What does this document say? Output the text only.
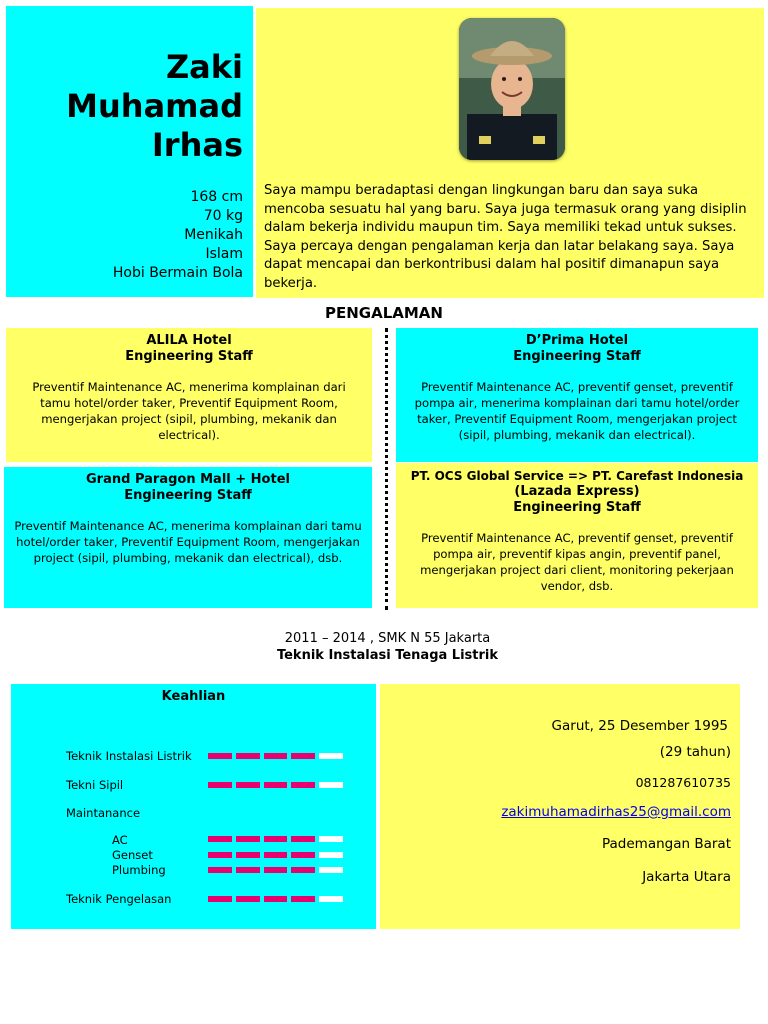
Zaki
Muhamad
Irhas
168 cm
70 kg
Menikah
Islam
Hobi Bermain Bola
Saya mampu beradaptasi dengan lingkungan baru dan saya suka mencoba sesuatu hal yang baru. Saya juga termasuk orang yang disiplin dalam bekerja individu maupun tim. Saya memiliki tekad untuk sukses. Saya percaya dengan pengalaman kerja dan latar belakang saya. Saya dapat mencapai dan berkontribusi dalam hal positif dimanapun saya bekerja.
PENGALAMAN
ALILA Hotel
Engineering Staff
Preventif Maintenance AC, menerima komplainan dari tamu hotel/order taker, Preventif Equipment Room, mengerjakan project (sipil, plumbing, mekanik dan electrical).
D’Prima Hotel
Engineering Staff
Preventif Maintenance AC, preventif genset, preventif pompa air, menerima komplainan dari tamu hotel/order taker, Preventif Equipment Room, mengerjakan project (sipil, plumbing, mekanik dan electrical).
Grand Paragon Mall + Hotel
Engineering Staff
Preventif Maintenance AC, menerima komplainan dari tamu hotel/order taker, Preventif Equipment Room, mengerjakan project (sipil, plumbing, mekanik dan electrical), dsb.
PT. OCS Global Service => PT. Carefast Indonesia
(Lazada Express)
Engineering Staff
Preventif Maintenance AC, preventif genset, preventif pompa air, preventif kipas angin, preventif panel, mengerjakan project dari client, monitoring pekerjaan vendor, dsb.
2011 – 2014 , SMK N 55 Jakarta
Teknik Instalasi Tenaga Listrik
Keahlian
Teknik Instalasi Listrik
Tekni Sipil
Maintanance
AC
Genset
Plumbing
Teknik Pengelasan
Garut, 25 Desember 1995
(29 tahun)
081287610735
zakimuhamadirhas25@gmail.com
Pademangan Barat
Jakarta Utara
